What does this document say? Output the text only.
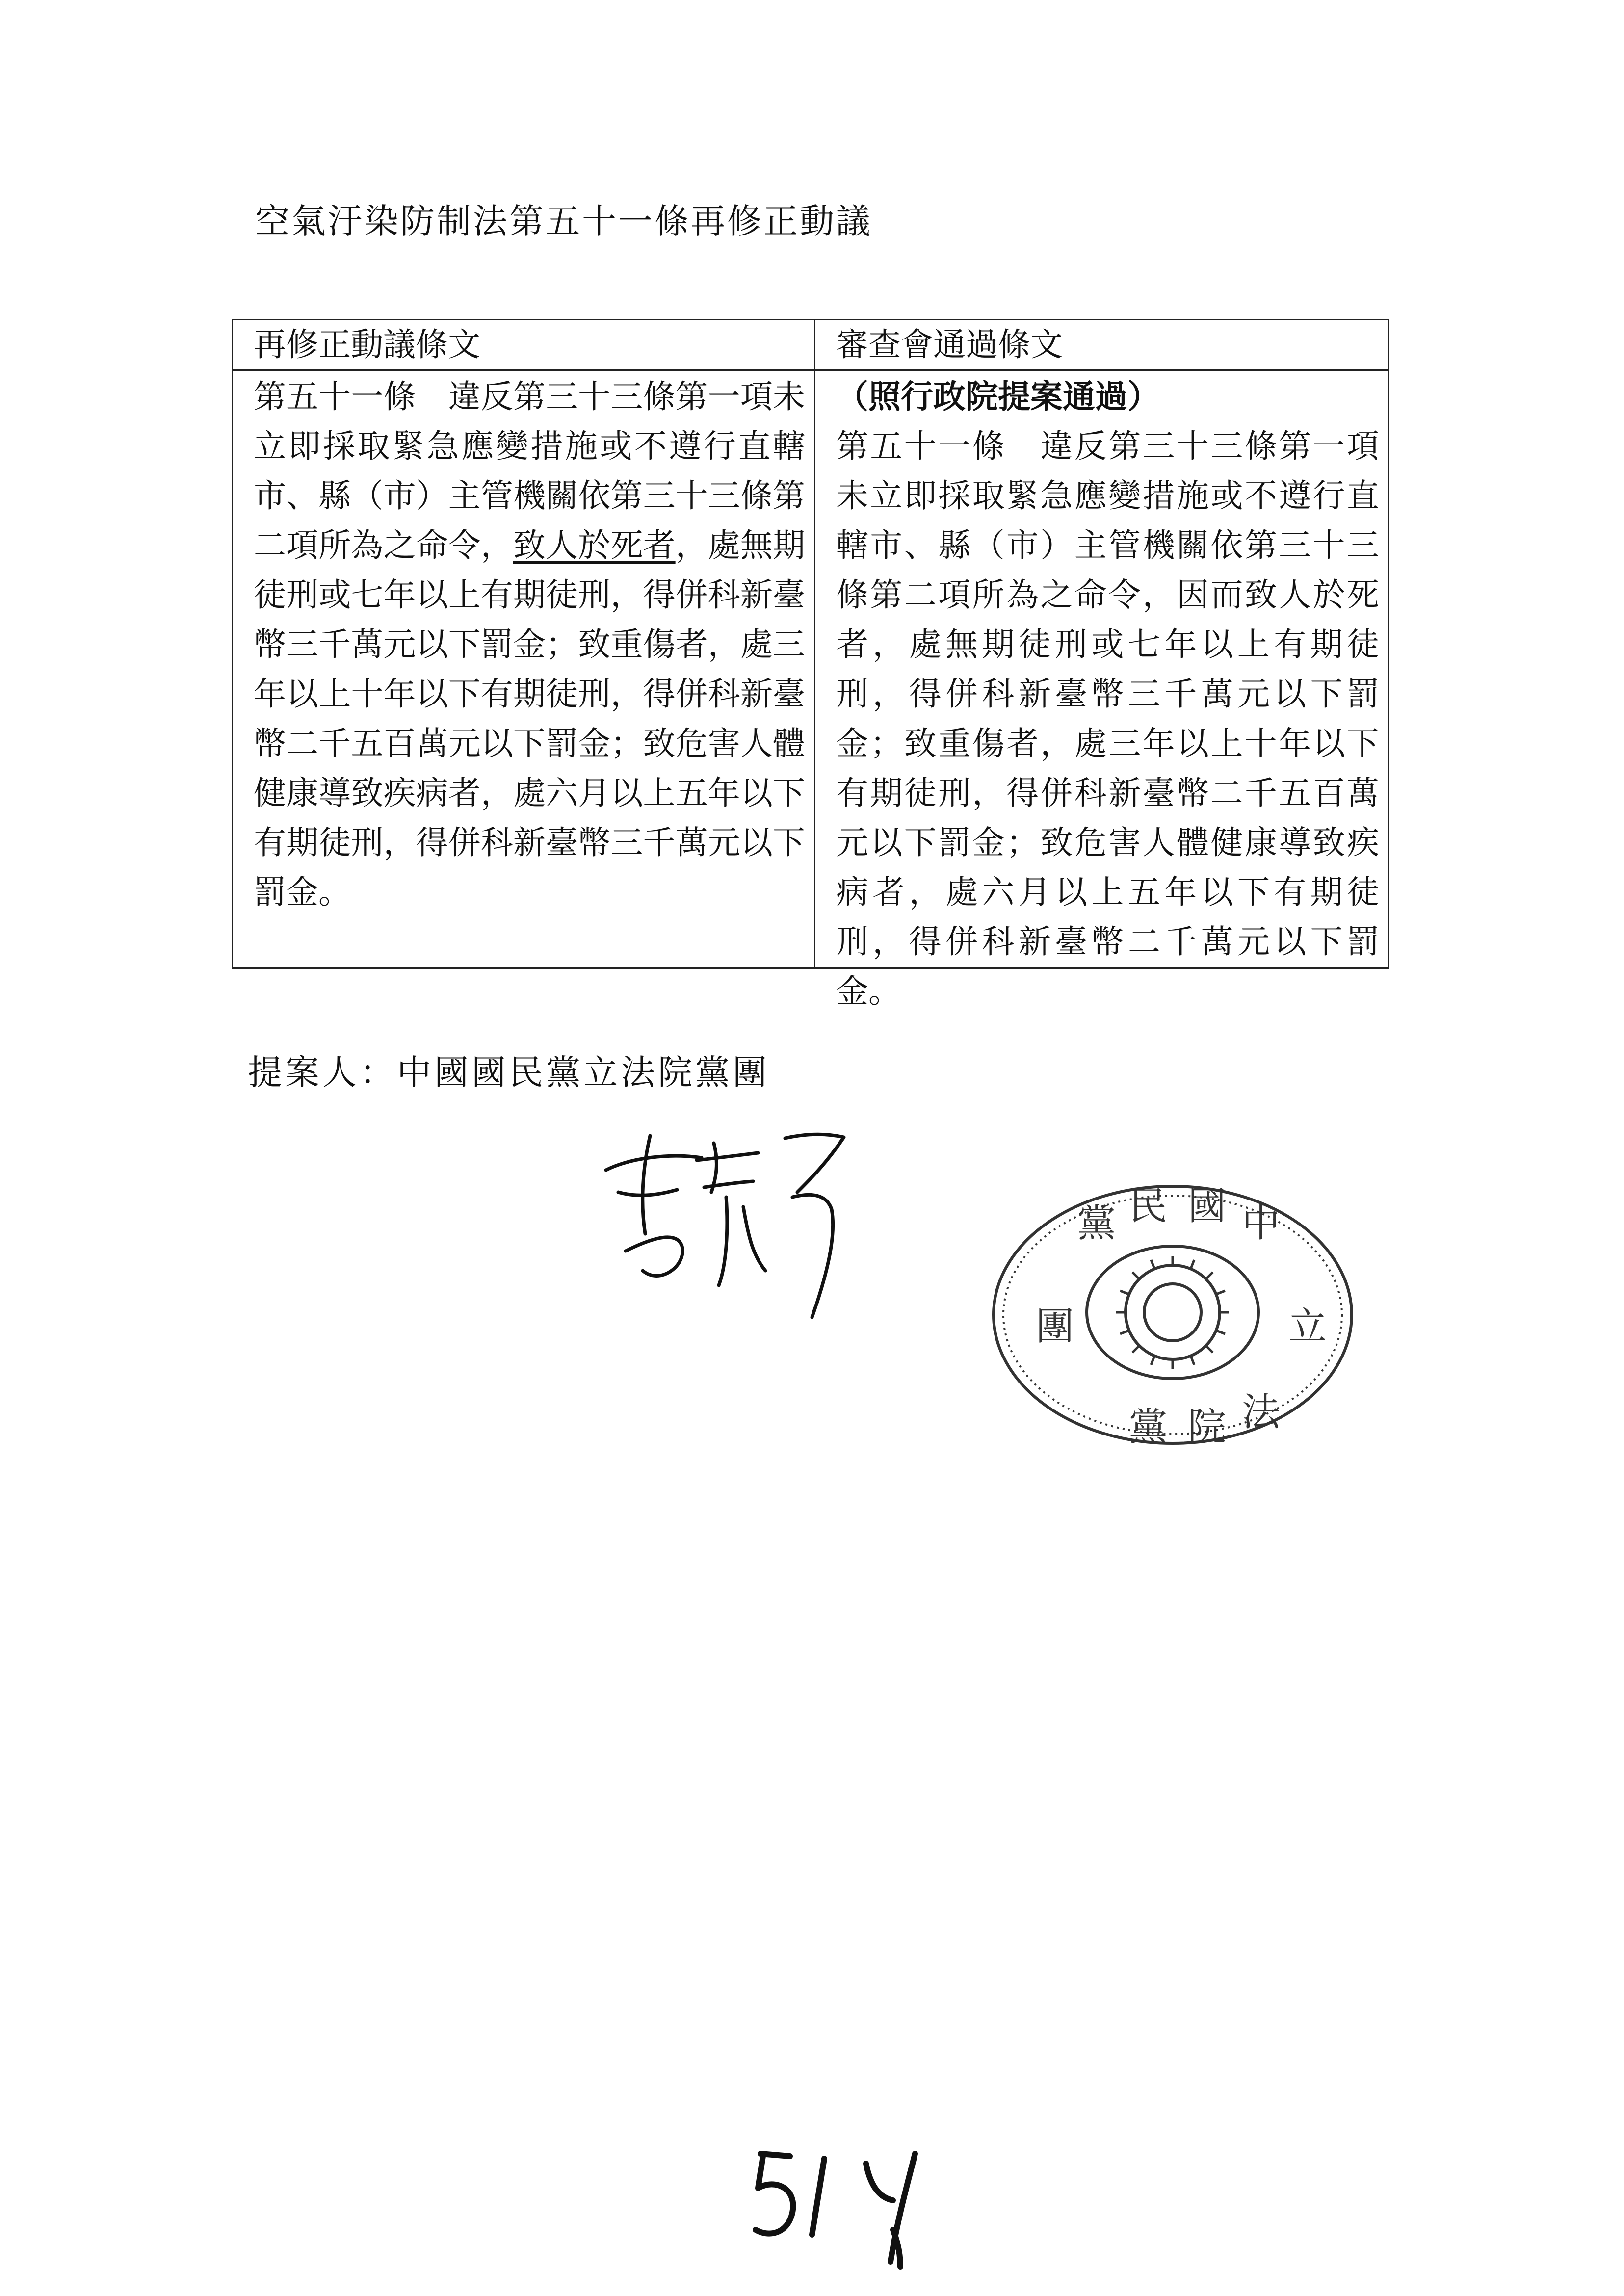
空氣汙染防制法第五十一條再修正動議
再修正動議條文	審查會通過條文

第五十一條　違反第三十三條第一項未立即採取緊急應變措施或不遵行直轄市、縣（市）主管機關依第三十三條第二項所為之命令，致人於死者，處無期徒刑或七年以上有期徒刑，得併科新臺幣三千萬元以下罰金；致重傷者，處三年以上十年以下有期徒刑，得併科新臺幣二千五百萬元以下罰金；致危害人體健康導致疾病者，處六月以上五年以下有期徒刑，得併科新臺幣三千萬元以下罰金。

（照行政院提案通過）

第五十一條　違反第三十三條第一項未立即採取緊急應變措施或不遵行直轄市、縣（市）主管機關依第三十三條第二項所為之命令，因而致人於死者，處無期徒刑或七年以上有期徒刑，得併科新臺幣三千萬元以下罰金；致重傷者，處三年以上十年以下有期徒刑，得併科新臺幣二千五百萬元以下罰金；致危害人體健康導致疾病者，處六月以上五年以下有期徒刑，得併科新臺幣二千萬元以下罰金。

提案人：中國國民黨立法院黨團
中
國
民
黨
法
院
黨
團	立
